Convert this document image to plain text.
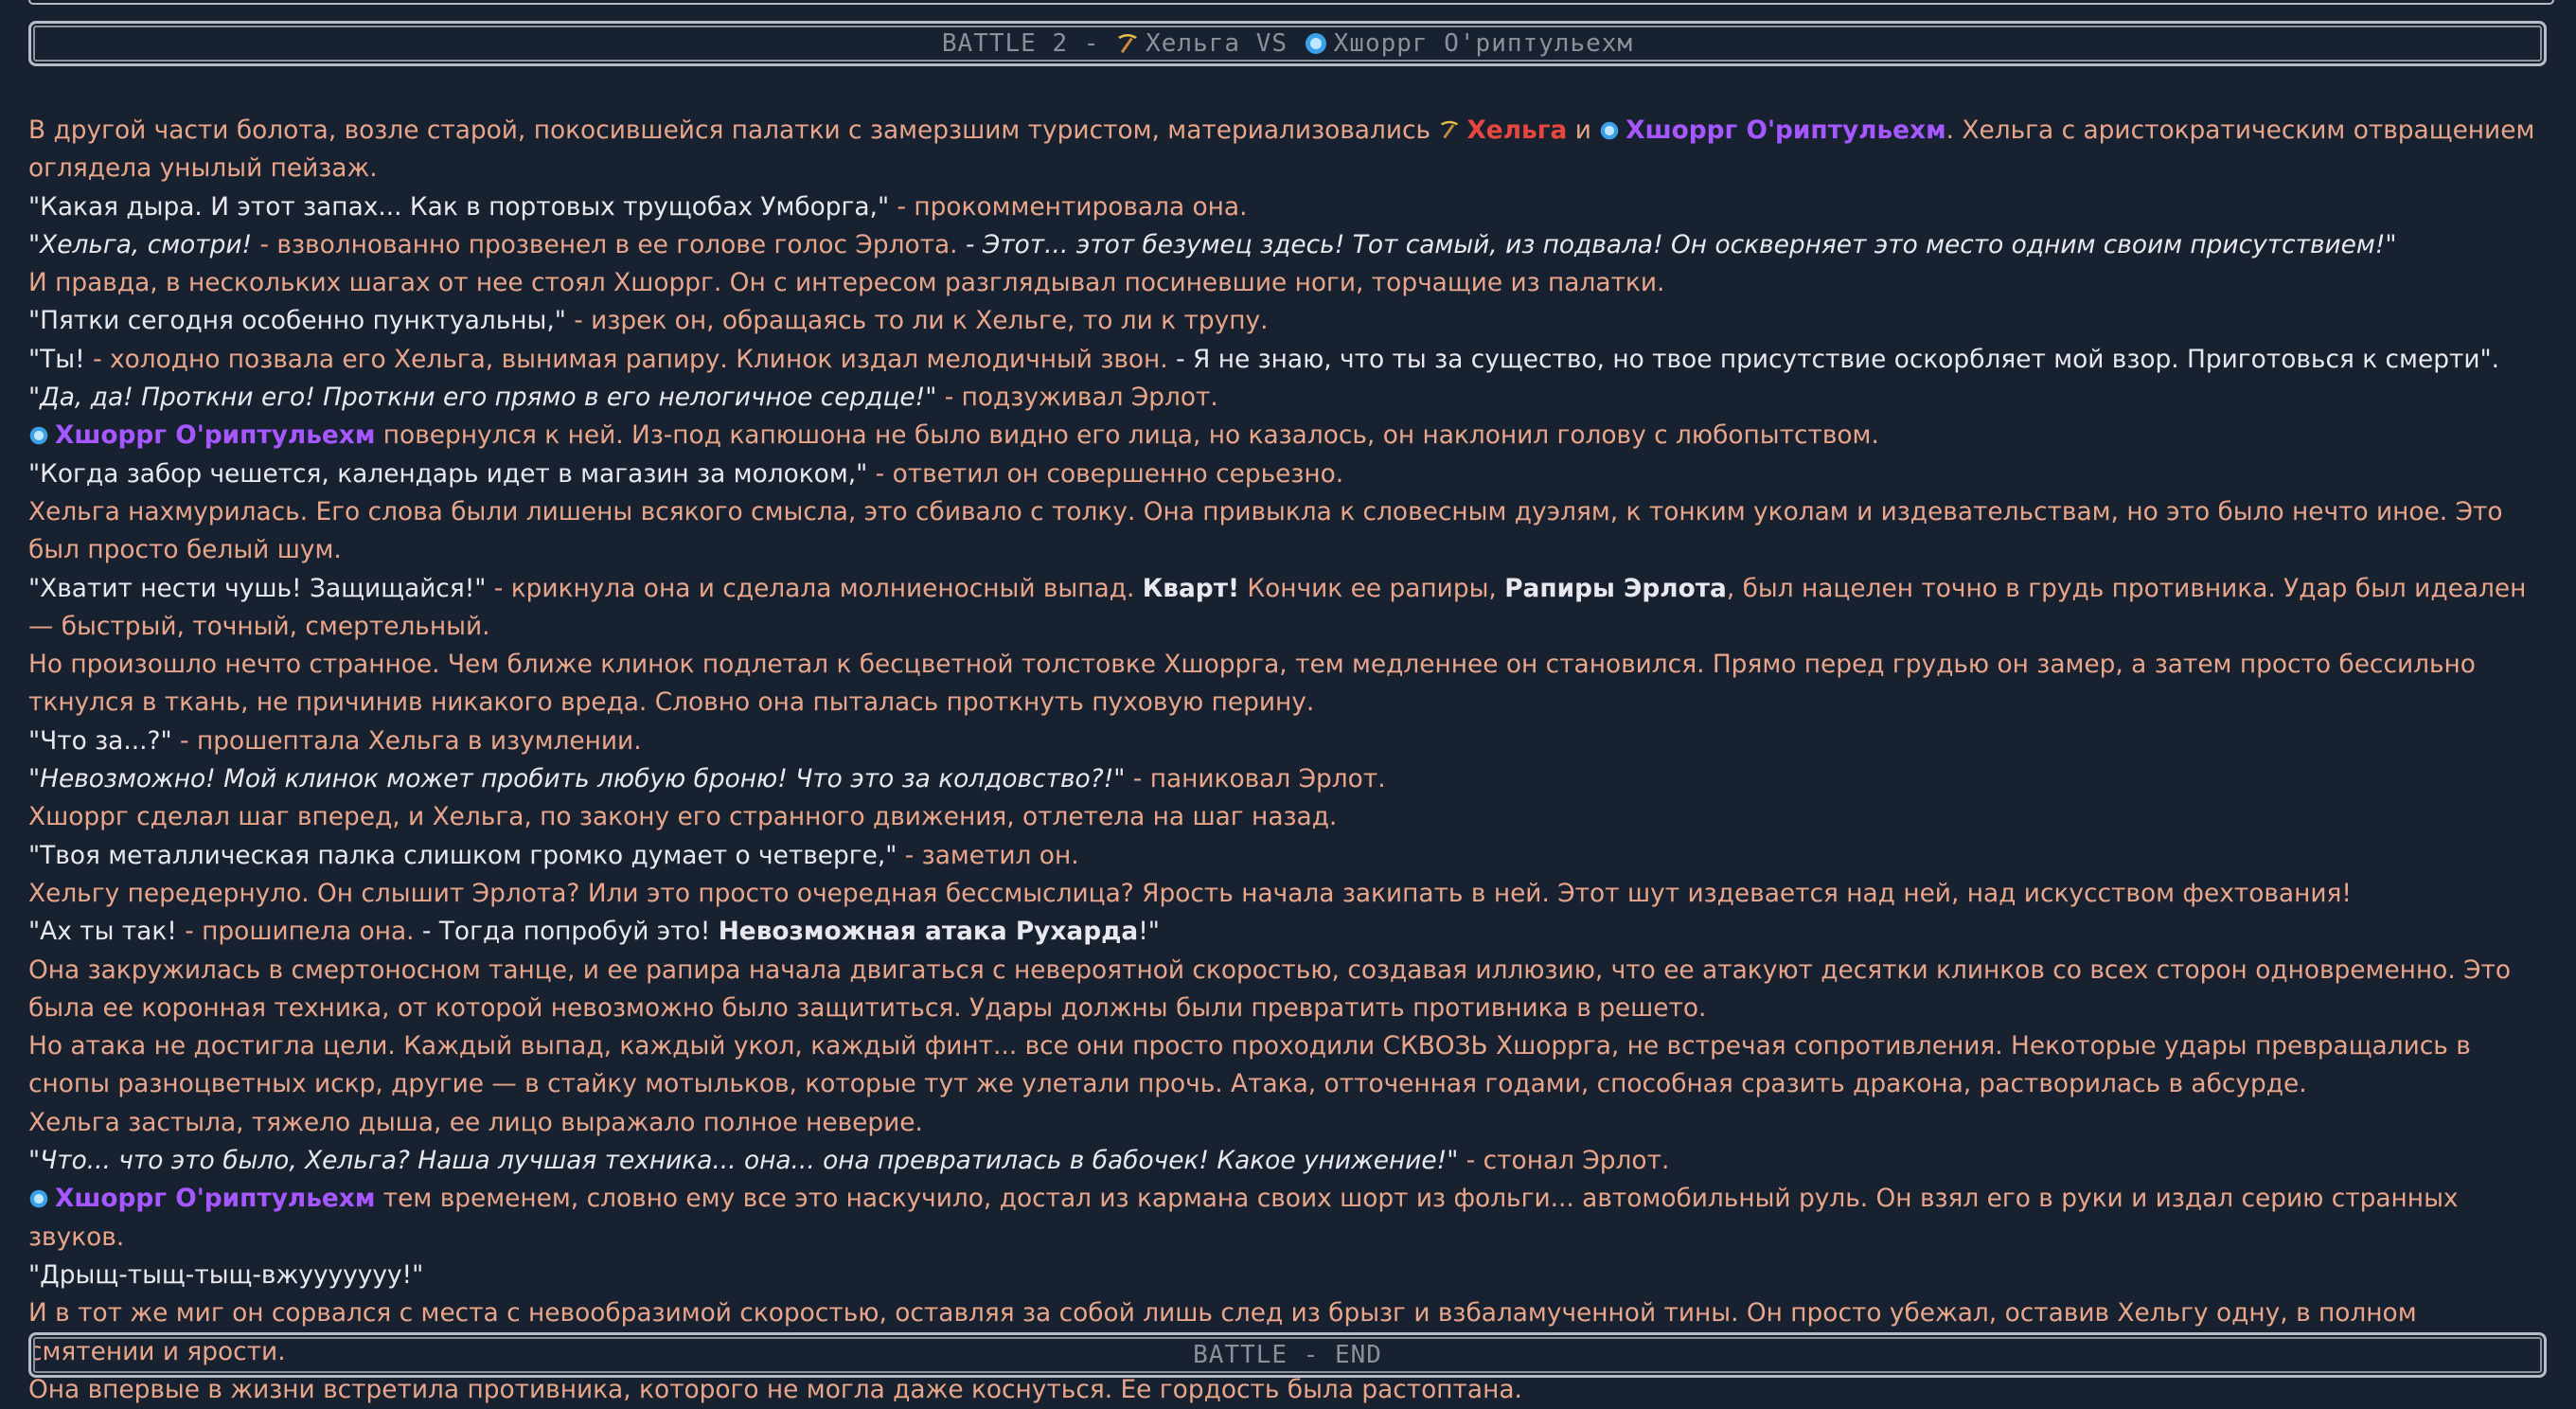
BATTLE 2 -
Хельга
VS
Хшоррг О'риптульехм

В другой части болота, возле старой, покосившейся палатки с замерзшим туристом, материализовались Хельга и Хшоррг О'риптульехм. Хельга с аристократическим отвращением оглядела унылый пейзаж.

"Какая дыра. И этот запах... Как в портовых трущобах Умборга," - прокомментировала она.

"Хельга, смотри! - взволнованно прозвенел в ее голове голос Эрлота. - Этот... этот безумец здесь! Тот самый, из подвала! Он оскверняет это место одним своим присутствием!"

И правда, в нескольких шагах от нее стоял Хшоррг. Он с интересом разглядывал посиневшие ноги, торчащие из палатки.

"Пятки сегодня особенно пунктуальны," - изрек он, обращаясь то ли к Хельге, то ли к трупу.

"Ты! - холодно позвала его Хельга, вынимая рапиру. Клинок издал мелодичный звон. - Я не знаю, что ты за существо, но твое присутствие оскорбляет мой взор. Приготовься к смерти".

"Да, да! Проткни его! Проткни его прямо в его нелогичное сердце!" - подзуживал Эрлот.

Хшоррг О'риптульехм повернулся к ней. Из-под капюшона не было видно его лица, но казалось, он наклонил голову с любопытством.

"Когда забор чешется, календарь идет в магазин за молоком," - ответил он совершенно серьезно.

Хельга нахмурилась. Его слова были лишены всякого смысла, это сбивало с толку. Она привыкла к словесным дуэлям, к тонким уколам и издевательствам, но это было нечто иное. Это был просто белый шум.

"Хватит нести чушь! Защищайся!" - крикнула она и сделала молниеносный выпад. Кварт! Кончик ее рапиры, Рапиры Эрлота, был нацелен точно в грудь противника. Удар был идеален — быстрый, точный, смертельный.

Но произошло нечто странное. Чем ближе клинок подлетал к бесцветной толстовке Хшоррга, тем медленнее он становился. Прямо перед грудью он замер, а затем просто бессильно ткнулся в ткань, не причинив никакого вреда. Словно она пыталась проткнуть пуховую перину.

"Что за...?" - прошептала Хельга в изумлении.

"Невозможно! Мой клинок может пробить любую броню! Что это за колдовство?!" - паниковал Эрлот.

Хшоррг сделал шаг вперед, и Хельга, по закону его странного движения, отлетела на шаг назад.

"Твоя металлическая палка слишком громко думает о четверге," - заметил он.

Хельгу передернуло. Он слышит Эрлота? Или это просто очередная бессмыслица? Ярость начала закипать в ней. Этот шут издевается над ней, над искусством фехтования!

"Ах ты так! - прошипела она. - Тогда попробуй это! Невозможная атака Рухарда!"

Она закружилась в смертоносном танце, и ее рапира начала двигаться с невероятной скоростью, создавая иллюзию, что ее атакуют десятки клинков со всех сторон одновременно. Это была ее коронная техника, от которой невозможно было защититься. Удары должны были превратить противника в решето.

Но атака не достигла цели. Каждый выпад, каждый укол, каждый финт... все они просто проходили СКВОЗЬ Хшоррга, не встречая сопротивления. Некоторые удары превращались в снопы разноцветных искр, другие — в стайку мотыльков, которые тут же улетали прочь. Атака, отточенная годами, способная сразить дракона, растворилась в абсурде.

Хельга застыла, тяжело дыша, ее лицо выражало полное неверие.

"Что... что это было, Хельга? Наша лучшая техника... она... она превратилась в бабочек! Какое унижение!" - стонал Эрлот.

Хшоррг О'риптульехм тем временем, словно ему все это наскучило, достал из кармана своих шорт из фольги... автомобильный руль. Он взял его в руки и издал серию странных звуков.

"Дрыщ-тыщ-тыщ-вжууууууу!"

И в тот же миг он сорвался с места с невообразимой скоростью, оставляя за собой лишь след из брызг и взбаламученной тины. Он просто убежал, оставив Хельгу одну, в полном смятении и ярости.

Она впервые в жизни встретила противника, которого не могла даже коснуться. Ее гордость была растоптана.

BATTLE - END
